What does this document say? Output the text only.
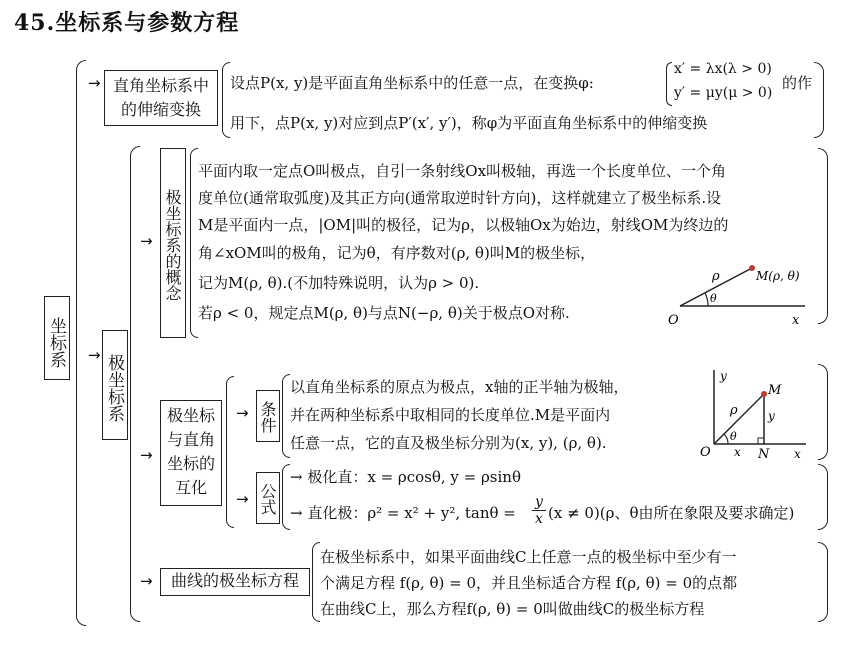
45.坐标系与参数方程
坐标系
→
→
直角坐标系中的伸缩变换
设点P(x, y)是平面直角坐标系中的任意一点，在变换φ:
x′ = λx(λ > 0)
y′ = μy(μ > 0)
的作
用下，点P(x, y)对应到点P′(x′, y′)，称φ为平面直角坐标系中的伸缩变换
极坐标系
→
→
→
极坐标系的概念
平面内取一定点O叫极点，自引一条射线Ox叫极轴，再选一个长度单位、一个角
度单位(通常取弧度)及其正方向(通常取逆时针方向)，这样就建立了极坐标系.设
M是平面内一点，|OM|叫的极径，记为ρ，以极轴Ox为始边，射线OM为终边的
角∠xOM叫的极角，记为θ，有序数对(ρ, θ)叫M的极坐标，
记为M(ρ, θ).(不加特殊说明，认为ρ > 0).
若ρ < 0，规定点M(ρ, θ)与点N(−ρ, θ)关于极点O对称.	O	x
ρ
θ
M(ρ, θ)
极坐标与直角坐标的互化
→
→
条件
以直角坐标系的原点为极点，x轴的正半轴为极轴，
并在两种坐标系中取相同的长度单位.M是平面内
任意一点，它的直及极坐标分别为(x, y), (ρ, θ).
y
M
ρ	y
θ
O x N x
公式
→ 极化直：x = ρcosθ, y = ρsinθ
→ 直化极：ρ² = x² + y², $\tan\theta = \frac{y}{x} (x \ne 0)(\rho$、θ由所在象限及要求确定)
曲线的极坐标方程
在极坐标系中，如果平面曲线C上任意一点的极坐标中至少有一
个满足方程 f(ρ, θ) = 0，并且坐标适合方程 f(ρ, θ) = 0的点都
在曲线C上，那么方程f(ρ, θ) = 0叫做曲线C的极坐标方程
